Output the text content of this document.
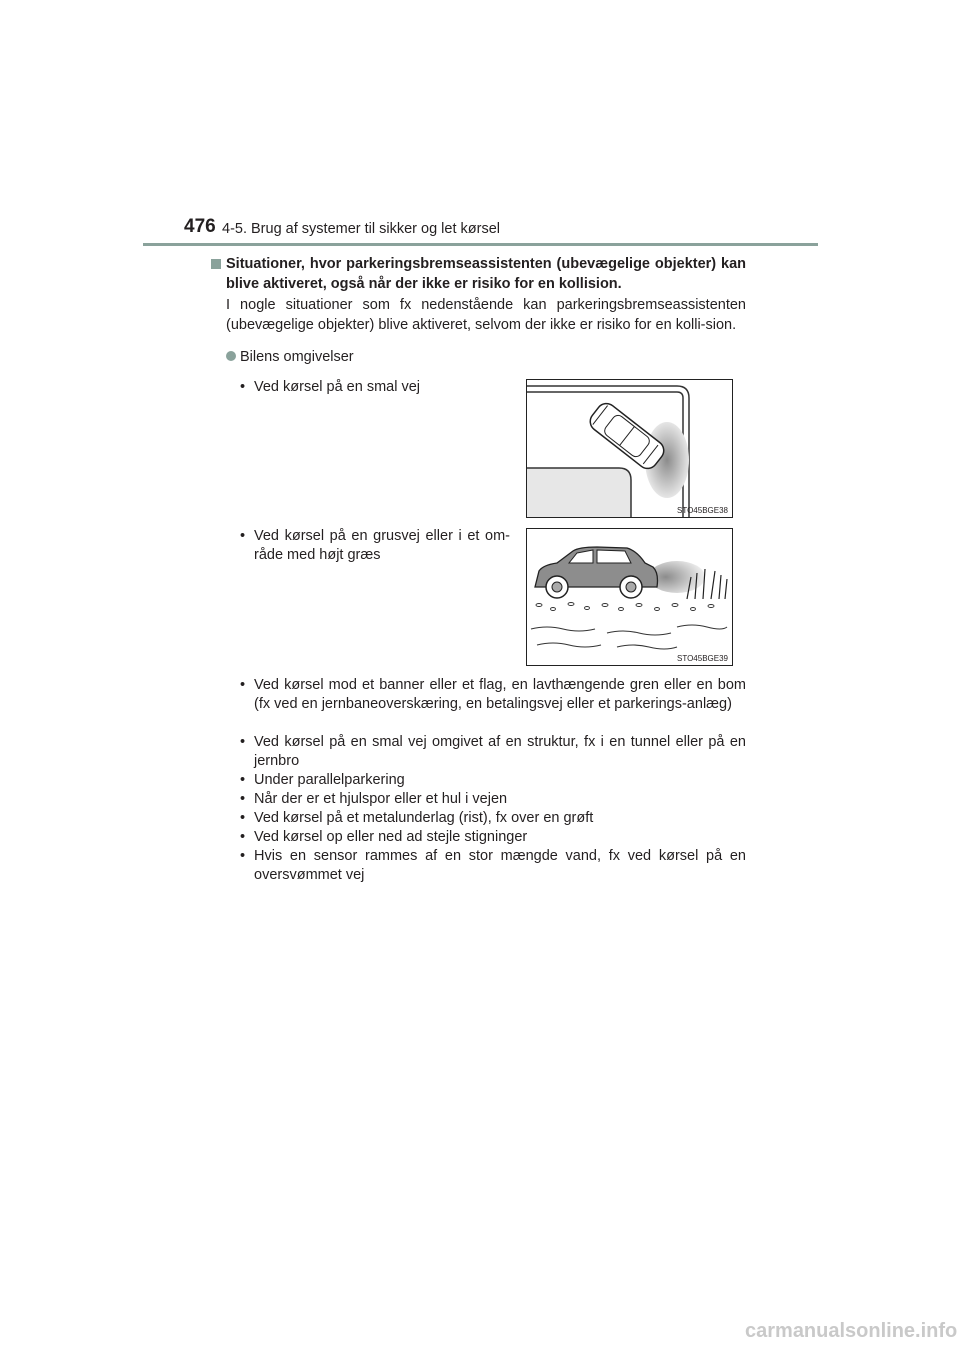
476 4-5. Brug af systemer til sikker og let kørsel
Situationer, hvor parkeringsbremseassistenten (ubevægelige objekter) kan blive aktiveret, også når der ikke er risiko for en kollision.
I nogle situationer som fx nedenstående kan parkeringsbremseassistenten (ubevægelige objekter) blive aktiveret, selvom der ikke er risiko for en kolli-sion.
Bilens omgivelser
• Ved kørsel på en smal vej
STO45BGE38
• Ved kørsel på en grusvej eller i et om-råde med højt græs
STO45BGE39
• Ved kørsel mod et banner eller et flag, en lavthængende gren eller en bom (fx ved en jernbaneoverskæring, en betalingsvej eller et parkerings-anlæg)
• Ved kørsel på en smal vej omgivet af en struktur, fx i en tunnel eller på en jernbro
• Under parallelparkering
• Når der er et hjulspor eller et hul i vejen
• Ved kørsel på et metalunderlag (rist), fx over en grøft
• Ved kørsel op eller ned ad stejle stigninger
• Hvis en sensor rammes af en stor mængde vand, fx ved kørsel på en oversvømmet vej
carmanualsonline.info
